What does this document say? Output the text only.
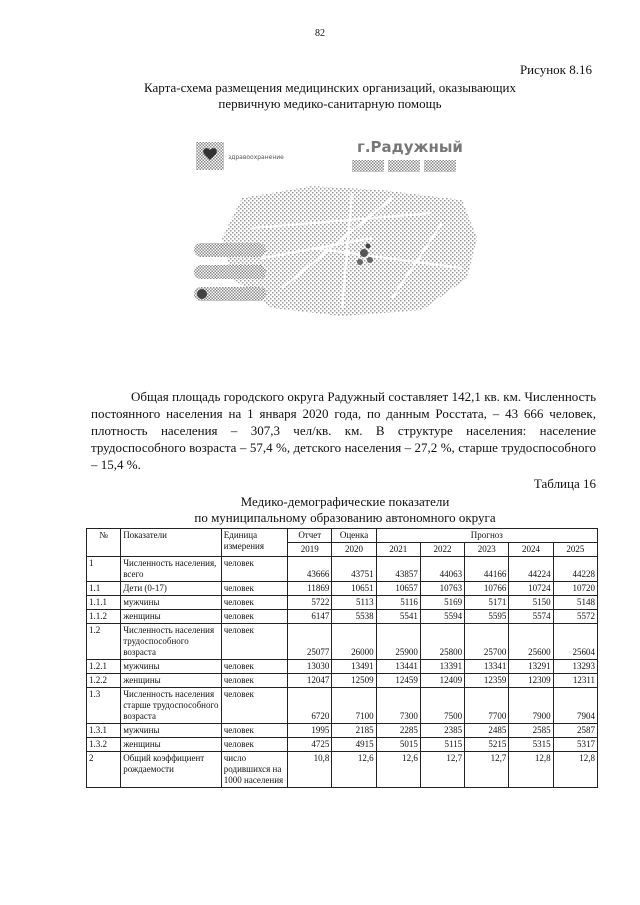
82
Рисунок 8.16
Карта-схема размещения медицинских организаций, оказывающих
первичную медико-санитарную помощь
здравоохранение
г.Радужный

Общая площадь городского округа Радужный составляет 142,1 кв. км. Численность постоянного населения на 1 января 2020 года, по данным Росстата, – 43 666 человек, плотность населения – 307,3 чел/кв. км. В структуре населения: население трудоспособного возраста – 57,4 %, детского населения – 27,2 %, старше трудоспособного – 15,4 %.

Таблица 16
Медико-демографические показатели
по муниципальному образованию автономного округа
№	Показатели	Единица измерения	Отчет	Оценка	Прогноз				
			2019	2020	2021	2022	2023	2024	2025
1	Численность населения, всего	человек	43666	43751	43857	44063	44166	44224	44228
1.1	Дети (0-17)	человек	11869	10651	10657	10763	10766	10724	10720
1.1.1	мужчины	человек	5722	5113	5116	5169	5171	5150	5148
1.1.2	женщины	человек	6147	5538	5541	5594	5595	5574	5572
1.2	Численность населения трудоспособного возраста	человек	25077	26000	25900	25800	25700	25600	25604
1.2.1	мужчины	человек	13030	13491	13441	13391	13341	13291	13293
1.2.2	женщины	человек	12047	12509	12459	12409	12359	12309	12311
1.3	Численность населения старше трудоспособного возраста	человек	6720	7100	7300	7500	7700	7900	7904
1.3.1	мужчины	человек	1995	2185	2285	2385	2485	2585	2587
1.3.2	женщины	человек	4725	4915	5015	5115	5215	5315	5317
2	Общий коэффициент рождаемости	число родившихся на 1000 населения	10,8	12,6	12,6	12,7	12,7	12,8	12,8
